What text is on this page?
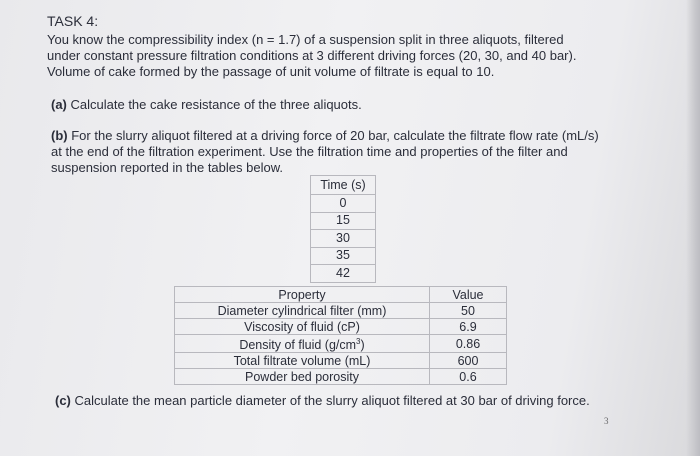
TASK 4:
You know the compressibility index (n = 1.7) of a suspension split in three aliquots, filtered
under constant pressure filtration conditions at 3 different driving forces (20, 30, and 40 bar).
Volume of cake formed by the passage of unit volume of filtrate is equal to 10.
(a) Calculate the cake resistance of the three aliquots.
(b) For the slurry aliquot filtered at a driving force of 20 bar, calculate the filtrate flow rate (mL/s)
at the end of the filtration experiment. Use the filtration time and properties of the filter and
suspension reported in the tables below.
Time (s)
0
15
30
35
42
Property	Value
Diameter cylindrical filter (mm)	50
Viscosity of fluid (cP)	6.9
Density of fluid $(g/cm^3)$	0.86
Total filtrate volume (mL)	600
Powder bed porosity	0.6
(c) Calculate the mean particle diameter of the slurry aliquot filtered at 30 bar of driving force.
3
